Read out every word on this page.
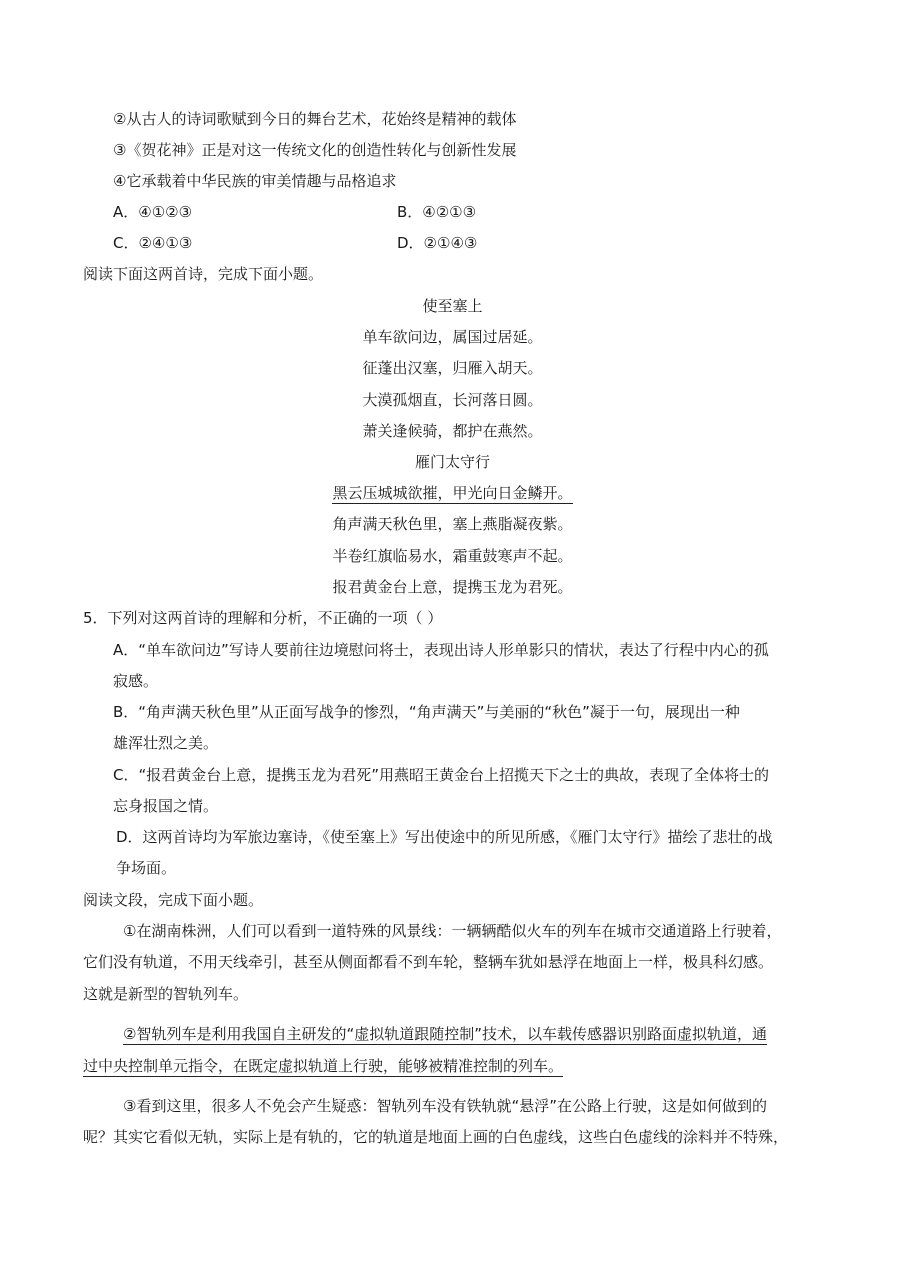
②从古人的诗词歌赋到今日的舞台艺术，花始终是精神的载体
③《贺花神》正是对这一传统文化的创造性转化与创新性发展
④它承载着中华民族的审美情趣与品格追求
A．④①②③	B．④②①③
C．②④①③	D．②①④③
阅读下面这两首诗，完成下面小题。
使至塞上
单车欲问边，属国过居延。
征蓬出汉塞，归雁入胡天。
大漠孤烟直，长河落日圆。
萧关逢候骑，都护在燕然。
雁门太守行
黑云压城城欲摧，甲光向日金鳞开。
角声满天秋色里，塞上燕脂凝夜紫。
半卷红旗临易水，霜重鼓寒声不起。
报君黄金台上意，提携玉龙为君死。
5．下列对这两首诗的理解和分析，不正确的一项（ ）
A．“单车欲问边”写诗人要前往边境慰问将士，表现出诗人形单影只的情状，表达了行程中内心的孤
寂感。
B．“角声满天秋色里”从正面写战争的惨烈，“角声满天”与美丽的“秋色”凝于一句，展现出一种
雄浑壮烈之美。
C．“报君黄金台上意，提携玉龙为君死”用燕昭王黄金台上招揽天下之士的典故，表现了全体将士的
忘身报国之情。
D．这两首诗均为军旅边塞诗，《使至塞上》写出使途中的所见所感，《雁门太守行》描绘了悲壮的战
争场面。
阅读文段，完成下面小题。
①在湖南株洲，人们可以看到一道特殊的风景线：一辆辆酷似火车的列车在城市交通道路上行驶着，
它们没有轨道，不用天线牵引，甚至从侧面都看不到车轮，整辆车犹如悬浮在地面上一样，极具科幻感。
这就是新型的智轨列车。
②智轨列车是利用我国自主研发的“虚拟轨道跟随控制”技术，以车载传感器识别路面虚拟轨道，通
过中央控制单元指令，在既定虚拟轨道上行驶，能够被精准控制的列车。
③看到这里，很多人不免会产生疑惑：智轨列车没有铁轨就“悬浮”在公路上行驶，这是如何做到的
呢？其实它看似无轨，实际上是有轨的，它的轨道是地面上画的白色虚线，这些白色虚线的涂料并不特殊，
